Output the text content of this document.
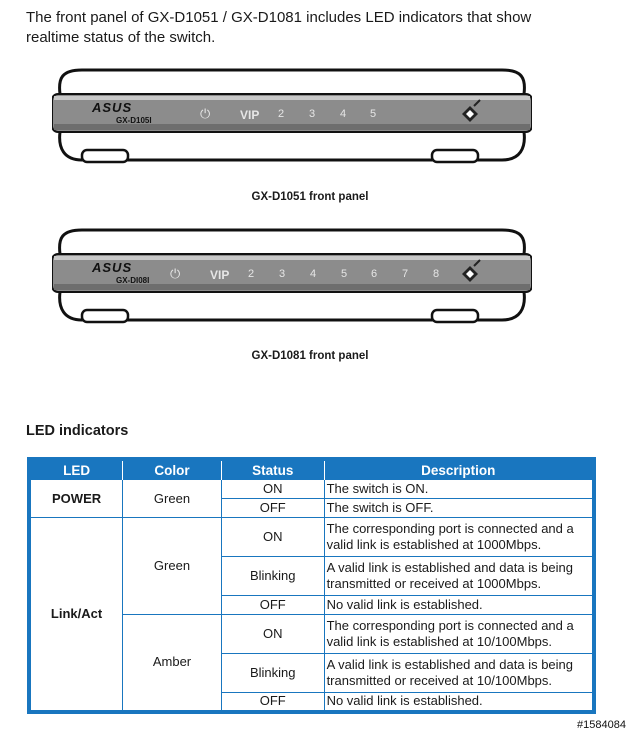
The front panel of GX-D1051 / GX-D1081 includes LED indicators that show realtime status of the switch.
ASUS
GX-D105I	⏻ VIP 2 3 4 5
GX-D1051 front panel
ASUS
GX-DI08I ⏻ VIP 2 3 4 5 6 7 8
GX-D1081 front panel
LED indicators
LED	Color	Status	Description
POWER	Green	ON	The switch is ON.
		OFF	The switch is OFF.
Link/Act	Green	ON	The corresponding port is connected and a valid link is established at 1000Mbps.
		Blinking	A valid link is established and data is being transmitted or received at 1000Mbps.
		OFF	No valid link is established.
	Amber	ON	The corresponding port is connected and a valid link is established at 10/100Mbps.
		Blinking	A valid link is established and data is being transmitted or received at 10/100Mbps.
		OFF	No valid link is established.
#1584084
